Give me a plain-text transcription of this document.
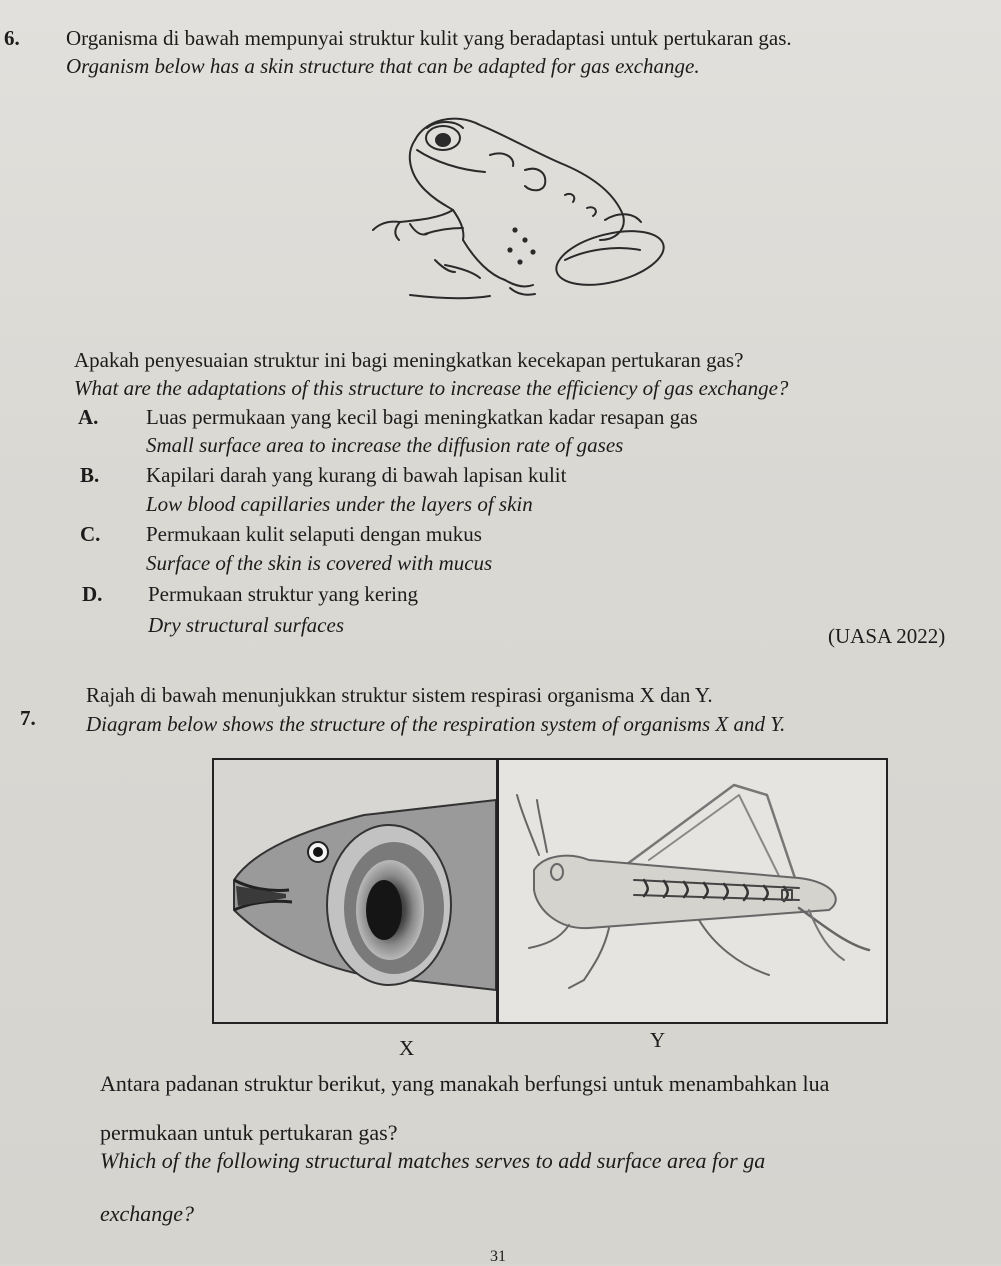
6. Organisma di bawah mempunyai struktur kulit yang beradaptasi untuk pertukaran gas.
Organism below has a skin structure that can be adapted for gas exchange.
Apakah penyesuaian struktur ini bagi meningkatkan kecekapan pertukaran gas?
What are the adaptations of this structure to increase the efficiency of gas exchange?
A. Luas permukaan yang kecil bagi meningkatkan kadar resapan gas
Small surface area to increase the diffusion rate of gases
B. Kapilari darah yang kurang di bawah lapisan kulit
Low blood capillaries under the layers of skin
C. Permukaan kulit selaputi dengan mukus
Surface of the skin is covered with mucus
D. Permukaan struktur yang kering
Dry structural surfaces	(UASA 2022)
7.
Rajah di bawah menunjukkan struktur sistem respirasi organisma X dan Y.
Diagram below shows the structure of the respiration system of organisms X and Y.
X	Y
Antara padanan struktur berikut, yang manakah berfungsi untuk menambahkan lua
permukaan untuk pertukaran gas?
Which of the following structural matches serves to add surface area for ga
exchange?
31
